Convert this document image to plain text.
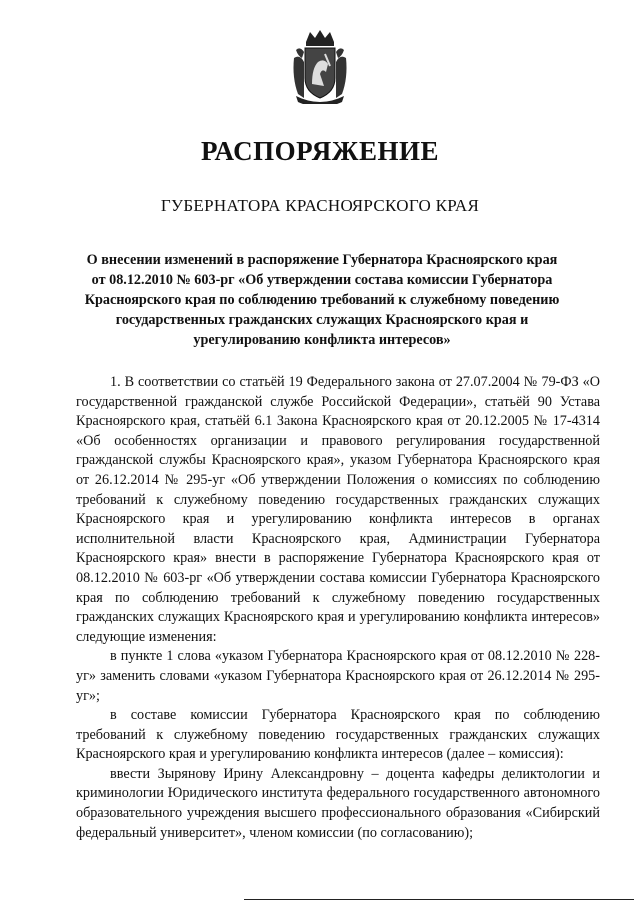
РАСПОРЯЖЕНИЕ
ГУБЕРНАТОРА КРАСНОЯРСКОГО КРАЯ
О внесении изменений в распоряжение Губернатора Красноярского края
от 08.12.2010 № 603-рг «Об утверждении состава комиссии Губернатора
Красноярского края по соблюдению требований к служебному поведению
государственных гражданских служащих Красноярского края и
урегулированию конфликта интересов»

1. В соответствии со статьёй 19 Федерального закона от 27.07.2004 № 79-ФЗ «О государственной гражданской службе Российской Федерации», статьёй 90 Устава Красноярского края, статьёй 6.1 Закона Красноярского края от 20.12.2005 № 17-4314 «Об особенностях организации и правового регулирования государственной гражданской службы Красноярского края», указом Губернатора Красноярского края от 26.12.2014 № 295-уг «Об утверждении Положения о комиссиях по соблюдению требований к служебному поведению государственных гражданских служащих Красноярского края и урегулированию конфликта интересов в органах исполнительной власти Красноярского края, Администрации Губернатора Красноярского края» внести в распоряжение Губернатора Красноярского края от 08.12.2010 № 603-рг «Об утверждении состава комиссии Губернатора Красноярского края по соблюдению требований к служебному поведению государственных гражданских служащих Красноярского края и урегулированию конфликта интересов» следующие изменения:

в пункте 1 слова «указом Губернатора Красноярского края от 08.12.2010 № 228-уг» заменить словами «указом Губернатора Красноярского края от 26.12.2014 № 295-уг»;

в составе комиссии Губернатора Красноярского края по соблюдению требований к служебному поведению государственных гражданских служащих Красноярского края и урегулированию конфликта интересов (далее – комиссия):

ввести Зырянову Ирину Александровну – доцента кафедры деликтологии и криминологии Юридического института федерального государственного автономного образовательного учреждения высшего профессионального образования «Сибирский федеральный университет», членом комиссии (по согласованию);
